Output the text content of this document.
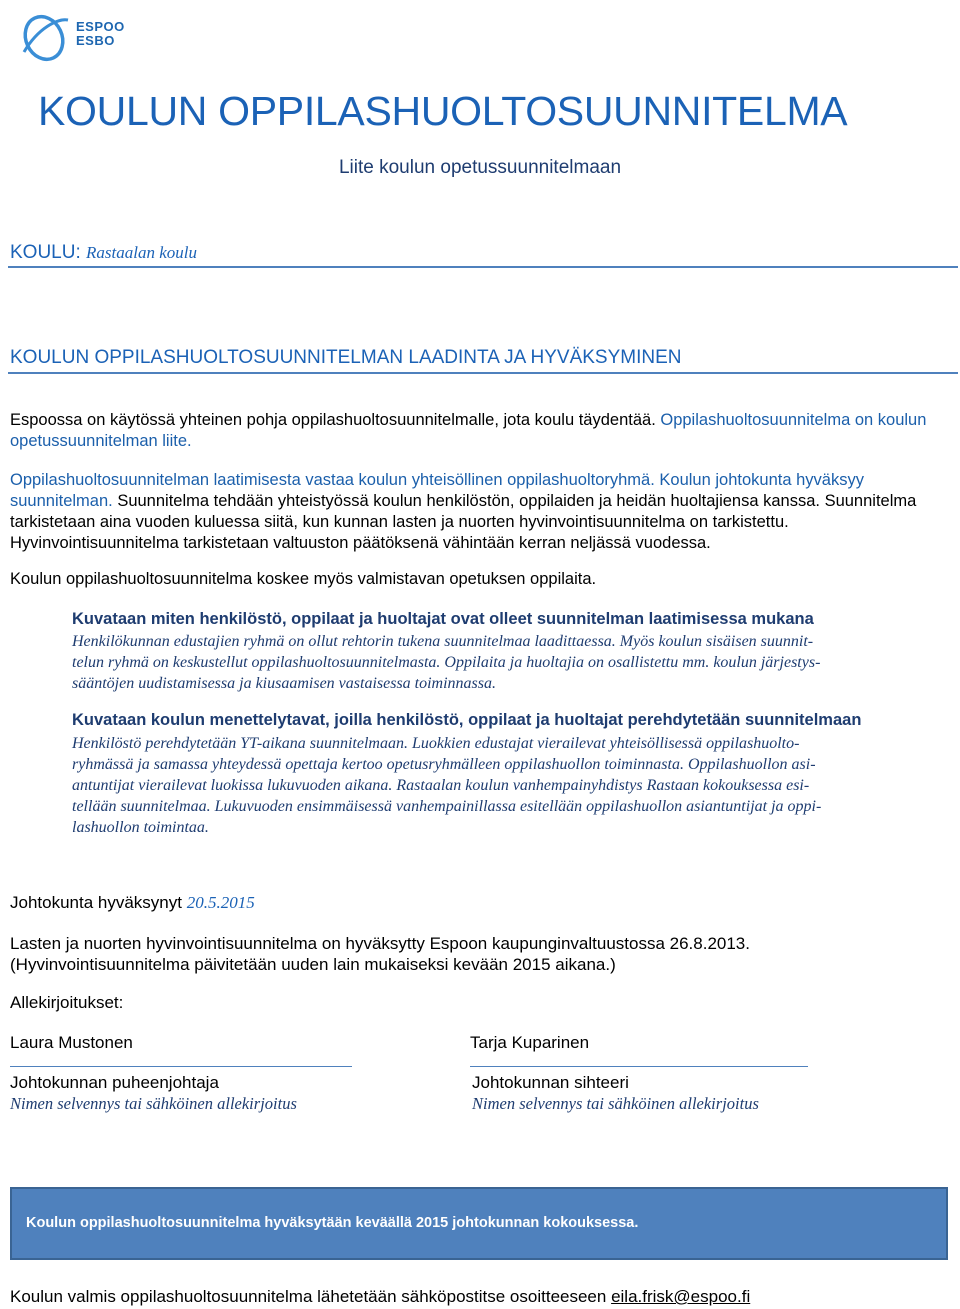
ESPOO
ESBO
KOULUN OPPILASHUOLTOSUUNNITELMA
Liite koulun opetussuunnitelmaan
KOULU: Rastaalan koulu
KOULUN OPPILASHUOLTOSUUNNITELMAN LAADINTA JA HYVÄKSYMINEN
Espoossa on käytössä yhteinen pohja oppilashuoltosuunnitelmalle, jota koulu täydentää. Oppilashuoltosuunnitelma on koulun opetussuunnitelman liite.
Oppilashuoltosuunnitelman laatimisesta vastaa koulun yhteisöllinen oppilashuoltoryhmä. Koulun johtokunta hyväksyy suunnitelman. Suunnitelma tehdään yhteistyössä koulun henkilöstön, oppilaiden ja heidän huoltajiensa kanssa. Suunnitelma tarkistetaan aina vuoden kuluessa siitä, kun kunnan lasten ja nuorten hyvinvointisuunnitelma on tarkistettu. Hyvinvointisuunnitelma tarkistetaan valtuuston päätöksenä vähintään kerran neljässä vuodessa.
Koulun oppilashuoltosuunnitelma koskee myös valmistavan opetuksen oppilaita.
Kuvataan miten henkilöstö, oppilaat ja huoltajat ovat olleet suunnitelman laatimisessa mukana
Henkilökunnan edustajien ryhmä on ollut rehtorin tukena suunnitelmaa laadittaessa. Myös koulun sisäisen suunnit-
telun ryhmä on keskustellut oppilashuoltosuunnitelmasta. Oppilaita ja huoltajia on osallistettu mm. koulun järjestys-
sääntöjen uudistamisessa ja kiusaamisen vastaisessa toiminnassa.
Kuvataan koulun menettelytavat, joilla henkilöstö, oppilaat ja huoltajat perehdytetään suunnitelmaan
Henkilöstö perehdytetään YT-aikana suunnitelmaan. Luokkien edustajat vierailevat yhteisöllisessä oppilashuolto-
ryhmässä ja samassa yhteydessä opettaja kertoo opetusryhmälleen oppilashuollon toiminnasta. Oppilashuollon asi-
antuntijat vierailevat luokissa lukuvuoden aikana. Rastaalan koulun vanhempainyhdistys Rastaan kokouksessa esi-
tellään suunnitelmaa. Lukuvuoden ensimmäisessä vanhempainillassa esitellään oppilashuollon asiantuntijat ja oppi-
lashuollon toimintaa.
Johtokunta hyväksynyt 20.5.2015
Lasten ja nuorten hyvinvointisuunnitelma on hyväksytty Espoon kaupunginvaltuustossa 26.8.2013.
(Hyvinvointisuunnitelma päivitetään uuden lain mukaiseksi kevään 2015 aikana.)
Allekirjoitukset:
Laura Mustonen
Johtokunnan puheenjohtaja
Nimen selvennys tai sähköinen allekirjoitus
Tarja Kuparinen
Johtokunnan sihteeri
Nimen selvennys tai sähköinen allekirjoitus
Koulun oppilashuoltosuunnitelma hyväksytään keväällä 2015 johtokunnan kokouksessa.
Koulun valmis oppilashuoltosuunnitelma lähetetään sähköpostitse osoitteeseen eila.frisk@espoo.fi
